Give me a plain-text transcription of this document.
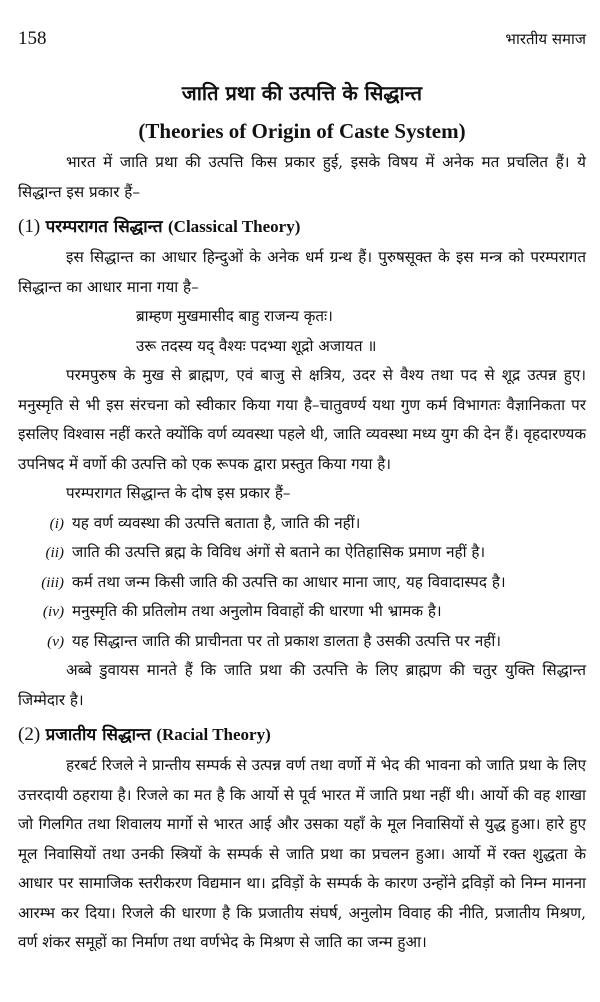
158	भारतीय समाज
जाति प्रथा की उत्पत्ति के सिद्धान्त
(Theories of Origin of Caste System)

भारत में जाति प्रथा की उत्पत्ति किस प्रकार हुई, इसके विषय में अनेक मत प्रचलित हैं। ये सिद्धान्त इस प्रकार हैं–

(1) परम्परागत सिद्धान्त (Classical Theory)

इस सिद्धान्त का आधार हिन्दुओं के अनेक धर्म ग्रन्थ हैं। पुरुषसूक्त के इस मन्त्र को परम्परागत सिद्धान्त का आधार माना गया है–

ब्राम्हण मुखमासीद बाहु राजन्य कृतः।
उरू तदस्य यद् वैश्यः पदभ्या शूद्रो अजायत ॥

परमपुरुष के मुख से ब्राह्मण, एवं बाजु से क्षत्रिय, उदर से वैश्य तथा पद से शूद्र उत्पन्न हुए। मनुस्मृति से भी इस संरचना को स्वीकार किया गया है–चातुवर्ण्य यथा गुण कर्म विभागतः वैज्ञानिकता पर इसलिए विश्वास नहीं करते क्योंकि वर्ण व्यवस्था पहले थी, जाति व्यवस्था मध्य युग की देन हैं। वृहदारण्यक उपनिषद में वर्णो की उत्पत्ति को एक रूपक द्वारा प्रस्तुत किया गया है।

परम्परागत सिद्धान्त के दोष इस प्रकार हैं–

(i) यह वर्ण व्यवस्था की उत्पत्ति बताता है, जाति की नहीं।
(ii) जाति की उत्पत्ति ब्रह्म के विविध अंगों से बताने का ऐतिहासिक प्रमाण नहीं है।
(iii) कर्म तथा जन्म किसी जाति की उत्पत्ति का आधार माना जाए, यह विवादास्पद है।
(iv) मनुस्मृति की प्रतिलोम तथा अनुलोम विवाहों की धारणा भी भ्रामक है।
(v) यह सिद्धान्त जाति की प्राचीनता पर तो प्रकाश डालता है उसकी उत्पत्ति पर नहीं।

अब्बे डुवायस मानते हैं कि जाति प्रथा की उत्पत्ति के लिए ब्राह्मण की चतुर युक्ति सिद्धान्त जिम्मेदार है।

(2) प्रजातीय सिद्धान्त (Racial Theory)

हरबर्ट रिजले ने प्रान्तीय सम्पर्क से उत्पन्न वर्ण तथा वर्णो में भेद की भावना को जाति प्रथा के लिए उत्तरदायी ठहराया है। रिजले का मत है कि आर्यो से पूर्व भारत में जाति प्रथा नहीं थी। आर्यो की वह शाखा जो गिलगित तथा शिवालय मार्गो से भारत आई और उसका यहाँ के मूल निवासियों से युद्ध हुआ। हारे हुए मूल निवासियों तथा उनकी स्त्रियों के सम्पर्क से जाति प्रथा का प्रचलन हुआ। आर्यो में रक्त शुद्धता के आधार पर सामाजिक स्तरीकरण विद्यमान था। द्रविड़ों के सम्पर्क के कारण उन्होंने द्रविड़ों को निम्न मानना आरम्भ कर दिया। रिजले की धारणा है कि प्रजातीय संघर्ष, अनुलोम विवाह की नीति, प्रजातीय मिश्रण, वर्ण शंकर समूहों का निर्माण तथा वर्णभेद के मिश्रण से जाति का जन्म हुआ।
